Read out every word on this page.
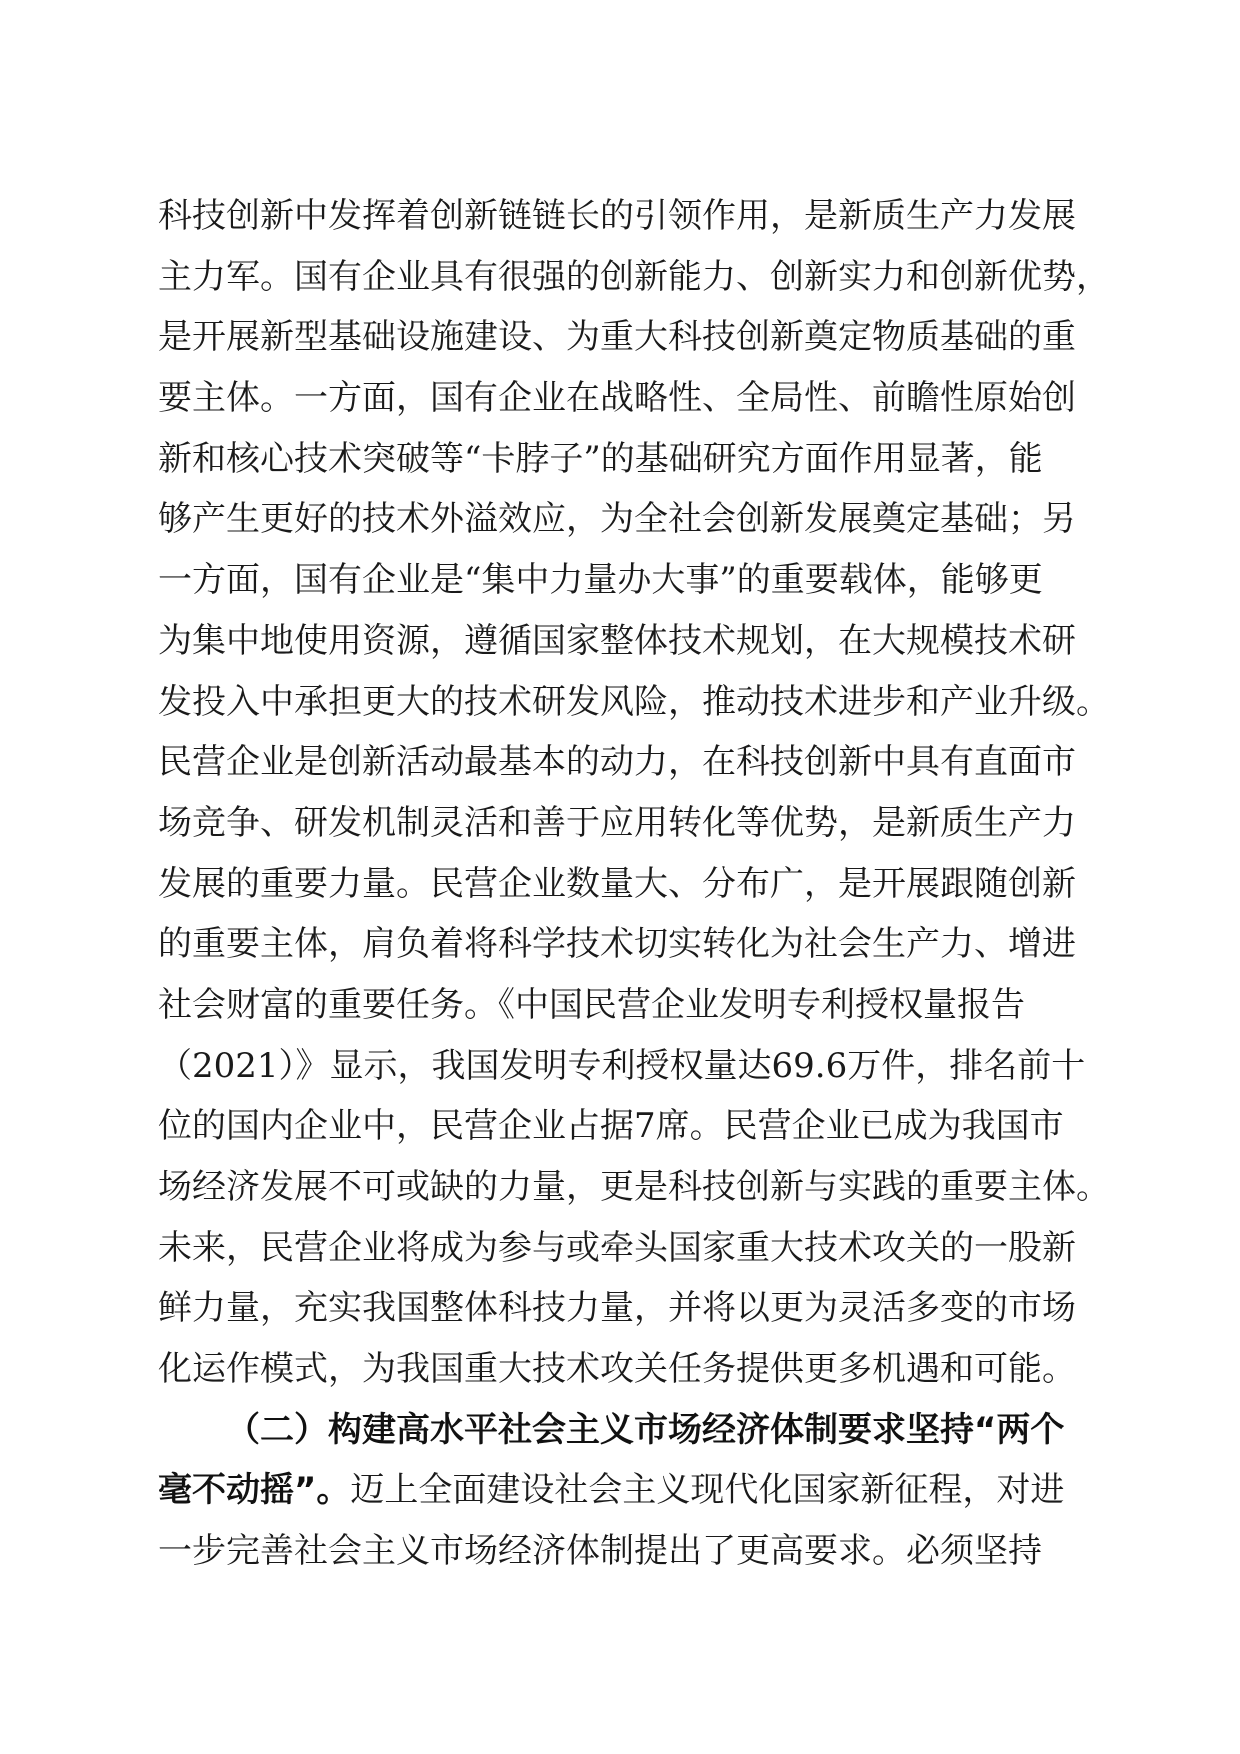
科技创新中发挥着创新链链长的引领作用，是新质生产力发展
主力军。国有企业具有很强的创新能力、创新实力和创新优势，
是开展新型基础设施建设、为重大科技创新奠定物质基础的重
要主体。一方面，国有企业在战略性、全局性、前瞻性原始创
新和核心技术突破等“卡脖子”的基础研究方面作用显著，能
够产生更好的技术外溢效应，为全社会创新发展奠定基础；另
一方面，国有企业是“集中力量办大事”的重要载体，能够更
为集中地使用资源，遵循国家整体技术规划，在大规模技术研
发投入中承担更大的技术研发风险，推动技术进步和产业升级。
民营企业是创新活动最基本的动力，在科技创新中具有直面市
场竞争、研发机制灵活和善于应用转化等优势，是新质生产力
发展的重要力量。民营企业数量大、分布广，是开展跟随创新
的重要主体，肩负着将科学技术切实转化为社会生产力、增进
社会财富的重要任务。《中国民营企业发明专利授权量报告
（2021）》显示，我国发明专利授权量达69.6万件，排名前十
位的国内企业中，民营企业占据7席。民营企业已成为我国市
场经济发展不可或缺的力量，更是科技创新与实践的重要主体。
未来，民营企业将成为参与或牵头国家重大技术攻关的一股新
鲜力量，充实我国整体科技力量，并将以更为灵活多变的市场
化运作模式，为我国重大技术攻关任务提供更多机遇和可能。
（二）构建高水平社会主义市场经济体制要求坚持“两个
毫不动摇”。迈上全面建设社会主义现代化国家新征程，对进
一步完善社会主义市场经济体制提出了更高要求。必须坚持
